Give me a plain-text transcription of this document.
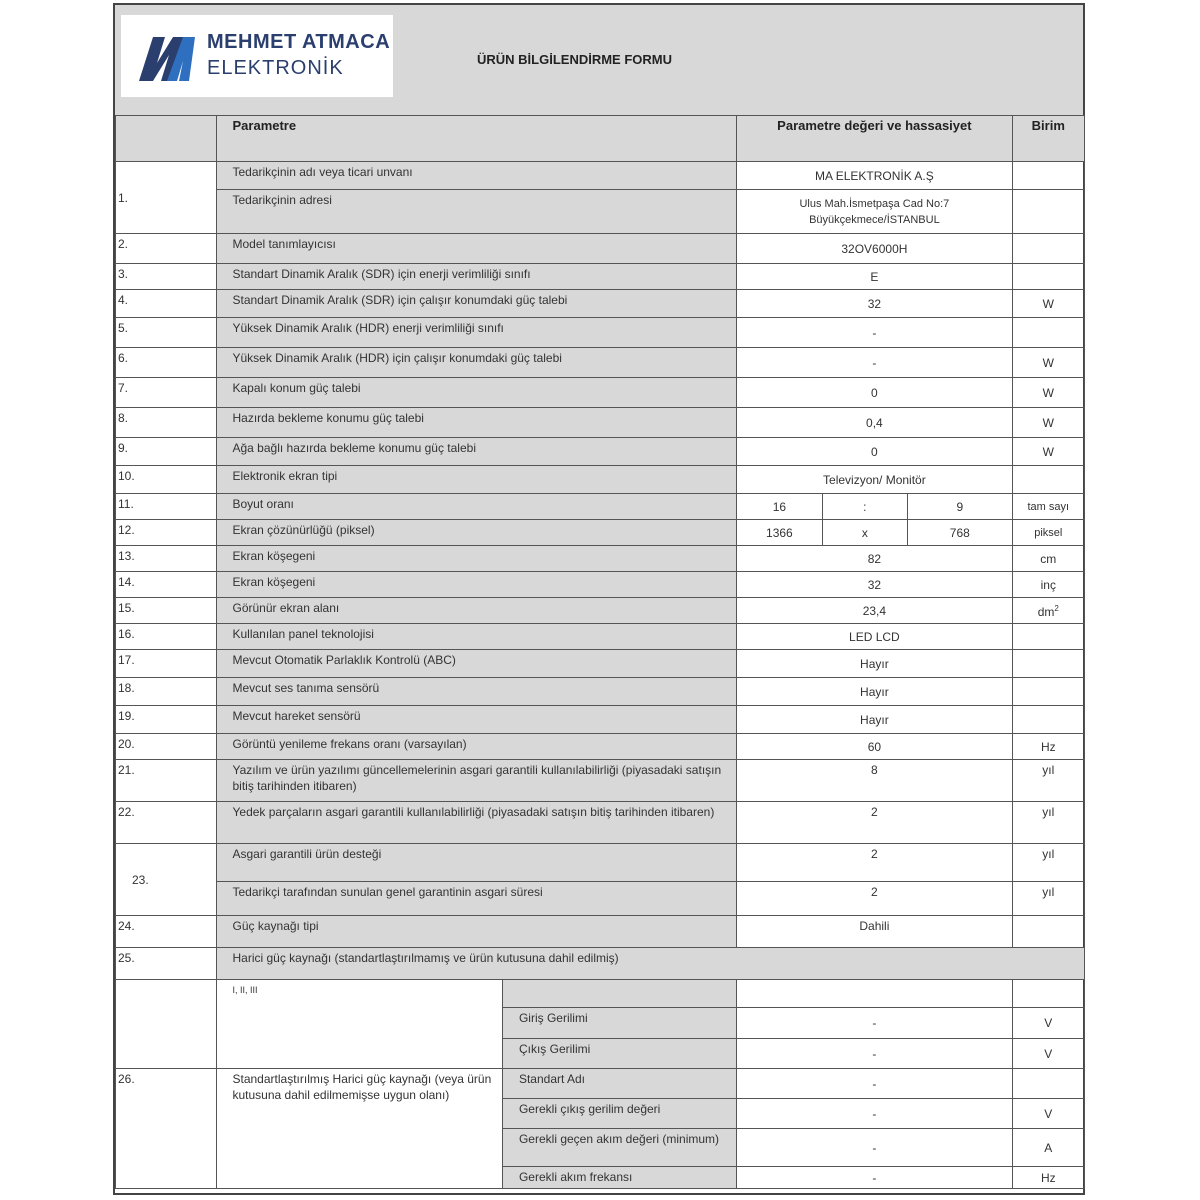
MEHMET ATMACA
ELEKTRONİK	ÜRÜN BİLGİLENDİRME FORMU
	Parametre		Parametre değeri ve hassasiyet			Birim
1.	Tedarikçinin adı veya ticari unvanı		MA ELEKTRONİK A.Ş			
	Tedarikçinin adresi		Ulus Mah.İsmetpaşa Cad No:7 Büyükçekmece/İSTANBUL			
2.	Model tanımlayıcısı		32OV6000H			
3.	Standart Dinamik Aralık (SDR) için enerji verimliliği sınıfı		E			
4.	Standart Dinamik Aralık (SDR) için çalışır konumdaki güç talebi		32			W
5.	Yüksek Dinamik Aralık (HDR) enerji verimliliği sınıfı		-			
6.	Yüksek Dinamik Aralık (HDR) için çalışır konumdaki güç talebi		-			W
7.	Kapalı konum güç talebi		0			W
8.	Hazırda bekleme konumu güç talebi		0,4			W
9.	Ağa bağlı hazırda bekleme konumu güç talebi		0			W
10.	Elektronik ekran tipi		Televizyon/ Monitör			
11.	Boyut oranı		16	:	9	tam sayı
12.	Ekran çözünürlüğü (piksel)		1366	x	768	piksel
13.	Ekran köşegeni		82			cm
14.	Ekran köşegeni		32			inç
15.	Görünür ekran alanı		23,4			$dm^2$
16.	Kullanılan panel teknolojisi		LED LCD			
17.	Mevcut Otomatik Parlaklık Kontrolü (ABC)		Hayır			
18.	Mevcut ses tanıma sensörü		Hayır			
19.	Mevcut hareket sensörü		Hayır			
20.	Görüntü yenileme frekans oranı (varsayılan)		60			Hz
21.	Yazılım ve ürün yazılımı güncellemelerinin asgari garantili kullanılabilirliği (piyasadaki satışın bitiş tarihinden itibaren)		8			yıl
22.	Yedek parçaların asgari garantili kullanılabilirliği (piyasadaki satışın bitiş tarihinden itibaren)		2			yıl
23.	Asgari garantili ürün desteği		2			yıl
	Tedarikçi tarafından sunulan genel garantinin asgari süresi		2			yıl
24.	Güç kaynağı tipi		Dahili			
25.	Harici güç kaynağı (standartlaştırılmamış ve ürün kutusuna dahil edilmiş)					
	I, II, III					
		Giriş Gerilimi	-			V
		Çıkış Gerilimi	-			V
26.	Standartlaştırılmış Harici güç kaynağı (veya ürün kutusuna dahil edilmemişse uygun olanı)	Standart Adı	-			
		Gerekli çıkış gerilim değeri	-			V
		Gerekli geçen akım değeri (minimum)	-			A
		Gerekli akım frekansı	-			Hz
